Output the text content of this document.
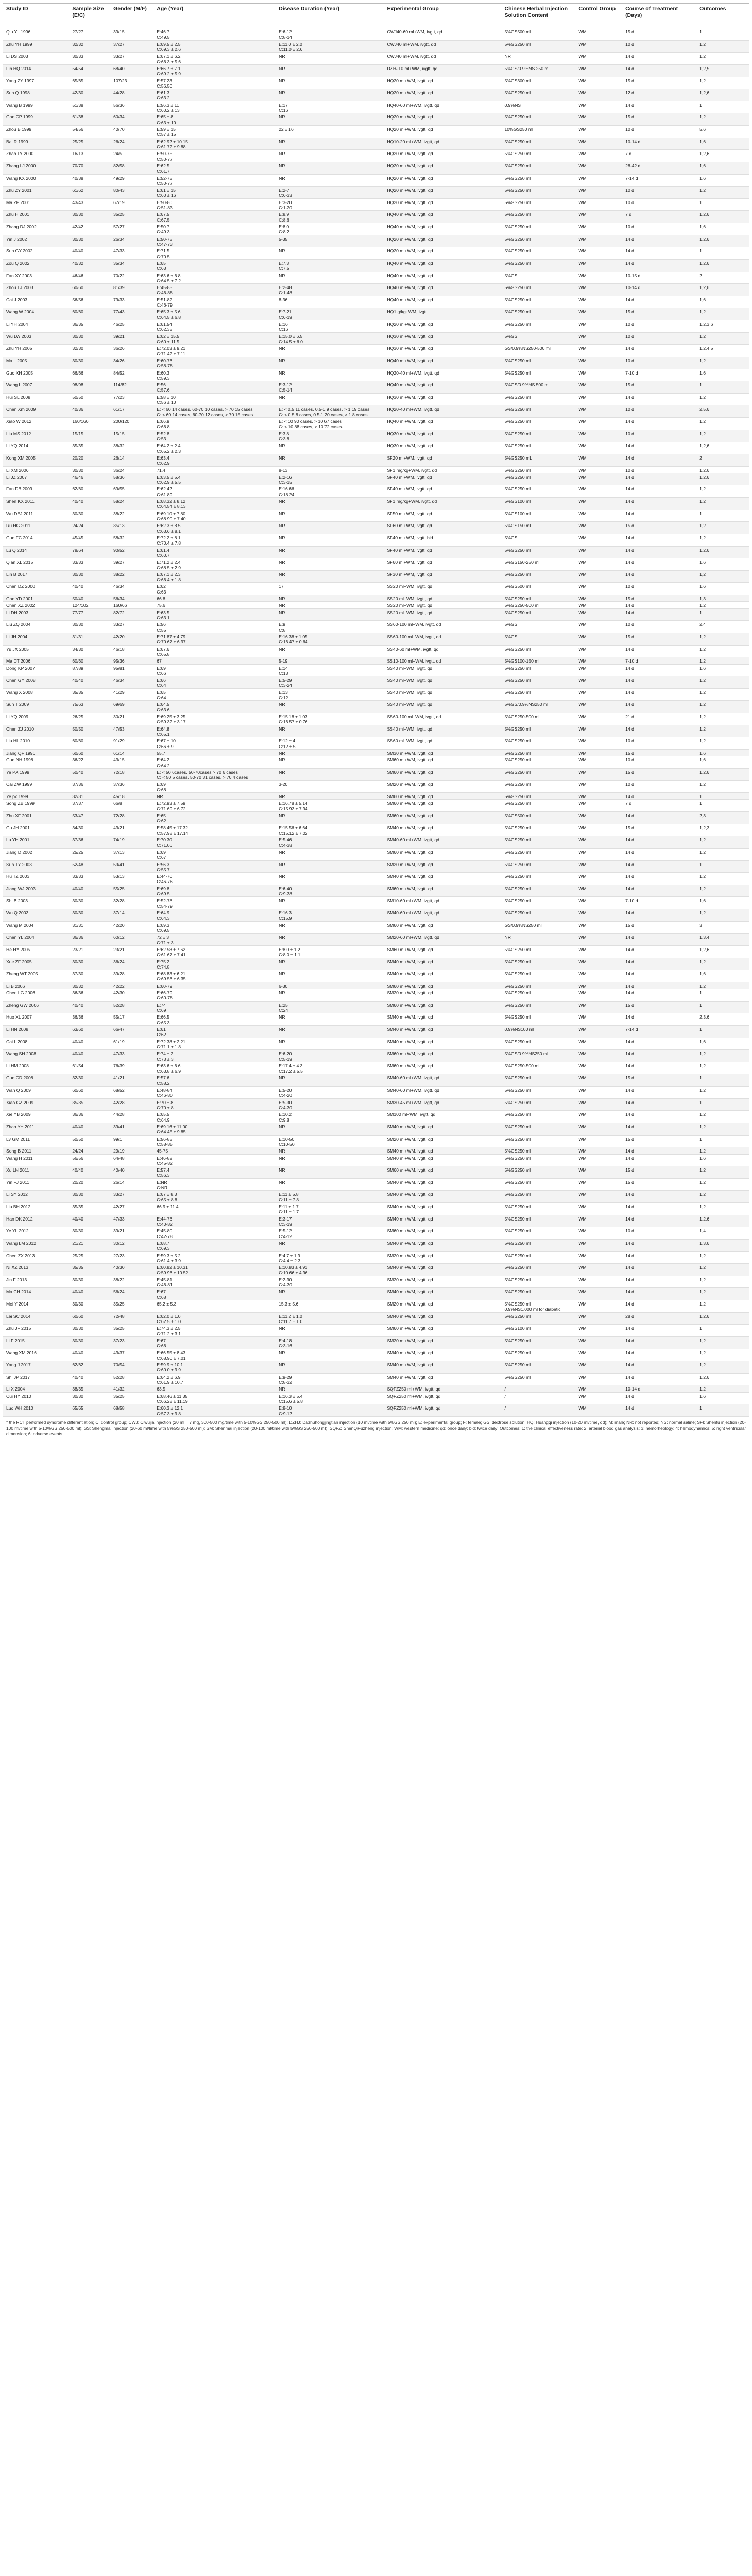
Study ID	Sample Size (E/C)	Gender (M/F)	Age (Year)	Disease Duration (Year)	Experimental Group	Chinese Herbal Injection Solution Content	Control Group	Course of Treatment (Days)	Outcomes
Qiu YL 1996	27/27	39/15	E:46.7
C:49.5	E:6-12
C:8-14	CWJ40-60 ml+WM, ivgtt, qd	5%GS500 ml	WM	15 d	1
Zhu YH 1999	32/32	37/27	E:69.5 ± 2.5
C:69.3 ± 2.6	E:11.0 ± 2.0
C:11.0 ± 2.6	CWJ40 ml+WM, ivgtt, qd	5%GS250 ml	WM	10 d	1,2
Li DS 2003	30/33	33/27	E:67.1 ± 6.2
C:66.3 ± 5.6	NR	CWJ40 ml+WM, ivgtt, qd	NR	WM	14 d	1,2
Lin HQ 2014	54/54	68/40	E:66.7 ± 7.1
C:69.2 ± 5.9	NR	DZHJ10 ml+WM, ivgtt, qd	5%GS/0.9%NS 250 ml	WM	14 d	1,2,5
Yang ZY 1997	65/65	107/23	E:57.23
C:56.50	NR	HQ20 ml+WM, ivgtt, qd	5%GS300 ml	WM	15 d	1,2
Sun Q 1998	42/30	44/28	E:61.3
C:63.2	NR	HQ20 ml+WM, ivgtt, qd	5%GS250 ml	WM	12 d	1,2,6
Wang B 1999	51/38	56/36	E:56.3 ± 11
C:60.2 ± 13	E:17
C:16	HQ40-60 ml+WM, ivgtt, qd	0.9%NS	WM	14 d	1
Gao CP 1999	61/38	60/34	E:65 ± 8
C:63 ± 10	NR	HQ20 ml+WM, ivgtt, qd	5%GS250 ml	WM	15 d	1,2
Zhou B 1999	54/56	40/70	E:59 ± 15
C:57 ± 15	22 ± 16	HQ20 ml+WM, ivgtt, qd	10%GS250 ml	WM	10 d	5,6
Bai R 1999	25/25	26/24	E:62.92 ± 10.15
C:61.72 ± 9.88	NR	HQ10-20 ml+WM, ivgtt, qd	5%GS250 ml	WM	10-14 d	1,6
Zhao LY 2000	16/13	24/5	E:50-75
C:50-77	NR	HQ20 ml+WM, ivgtt, qd	5%GS250 ml	WM	7 d	1,2,6
Zhang LJ 2000	70/70	82/58	E:62.5
C:61.7	NR	HQ20 ml+WM, ivgtt, qd	5%GS250 ml	WM	28-42 d	1,6
Wang KX 2000	40/38	49/29	E:52-75
C:50-77	NR	HQ20 ml+WM, ivgtt, qd	5%GS250 ml	WM	7-14 d	1,6
Zhu ZY 2001	61/62	80/43	E:61 ± 15
C:60 ± 16	E:2-7
C:6-33	HQ20 ml+WM, ivgtt, qd	5%GS250 ml	WM	10 d	1,2
Ma ZP 2001	43/43	67/19	E:50-80
C:51-83	E:3-20
C:1-20	HQ20 ml+WM, ivgtt, qd	5%GS250 ml	WM	10 d	1
Zhu H 2001	30/30	35/25	E:67.5
C:67.5	E:8.9
C:8.6	HQ40 ml+WM, ivgtt, qd	5%GS250 ml	WM	7 d	1,2,6
Zhang DJ 2002	42/42	57/27	E:50.7
C:49.3	E:8.0
C:8.2	HQ40 ml+WM, ivgtt, qd	5%GS250 ml	WM	10 d	1,6
Yin J 2002	30/30	26/34	E:50-75
C:47-73	5-35	HQ20 ml+WM, ivgtt, qd	5%GS250 ml	WM	14 d	1,2,6
Sun GY 2002	40/40	47/33	E:71.5
C:70.5	NR	HQ20 ml+WM, ivgtt, qd	5%GS250 ml	WM	14 d	1
Zou Q 2002	40/32	35/34	E:65
C:63	E:7.3
C:7.5	HQ40 ml+WM, ivgtt, qd	5%GS250 ml	WM	14 d	1,2,6
Fan XY 2003	46/46	70/22	E:63.6 ± 6.8
C:64.5 ± 7.2	NR	HQ40 ml+WM, ivgtt, qd	5%GS	WM	10-15 d	2
Zhou LJ 2003	60/60	81/39	E:45-85
C:46-88	E:2-48
C:1-48	HQ40 ml+WM, ivgtt, qd	5%GS250 ml	WM	10-14 d	1,2,6
Cai J 2003	56/56	79/33	E:51-82
C:46-79	8-36	HQ40 ml+WM, ivgtt, qd	5%GS250 ml	WM	14 d	1,6
Wang W 2004	60/60	77/43	E:65.3 ± 5.6
C:64.5 ± 6.8	E:7-21
C:6-19	HQ1 g/kg+WM, ivgtt	5%GS250 ml	WM	15 d	1,2
Li YH 2004	36/35	46/25	E:61.54
C:62.35	E:16
C:16	HQ20 ml+WM, ivgtt, qd	5%GS250 ml	WM	10 d	1,2,3,6
Wu LW 2003	30/30	39/21	E:62 ± 15.5
C:60 ± 11.5	E:15.0 ± 6.5
C:14.5 ± 6.0	HQ30 ml+WM, ivgtt, qd	5%GS	WM	10 d	1,2
Zhu YH 2005	32/30	36/26	E:72.03 ± 9.21
C:71.42 ± 7.11	NR	HQ30 ml+WM, ivgtt, qd	GS/0.9%NS250-500 ml	WM	14 d	1,2,4,5
Ma L 2005	30/30	34/26	E:60-76
C:58-78	NR	HQ40 ml+WM, ivgtt, qd	5%GS250 ml	WM	10 d	1,2
Guo XH 2005	66/66	84/52	E:60.3
C:59.3	NR	HQ20-40 ml+WM, ivgtt, qd	5%GS250 ml	WM	7-10 d	1,6
Wang L 2007	98/98	114/82	E:56
C:57.6	E:3-12
C:5-14	HQ40 ml+WM, ivgtt, qd	5%GS/0.9%NS 500 ml	WM	15 d	1
Hui SL 2008	50/50	77/23	E:58 ± 10
C:56 ± 10	NR	HQ30 ml+WM, ivgtt, qd	5%GS250 ml	WM	14 d	1,2
Chen Xm 2009	40/36	61/17	E: < 60 14 cases, 60-70 10 cases, > 70 15 cases
C: < 60 14 cases, 60-70 12 cases, > 70 15 cases	E: < 0.5 11 cases, 0.5-1 9 cases, > 1 19 cases
C: < 0.5 8 cases, 0.5-1 20 cases, > 1 8 cases	HQ20-40 ml+WM, ivgtt, qd	5%GS250 ml	WM	10 d	2,5,6
Xiao W 2012	160/160	200/120	E:66.9
C:66.8	E: < 10 90 cases, > 10 67 cases
C: < 10 88 cases, > 10 72 cases	HQ40 ml+WM, ivgtt, qd	5%GS250 ml	WM	14 d	1,2
Liu MS 2012	15/15	15/15	E:52.8
C:53	E:3.8
C:3.8	HQ30 ml+WM, ivgtt, qd	5%GS250 ml	WM	10 d	1,2
Li YQ 2014	35/35	38/32	E:64.2 ± 2.4
C:65.2 ± 2.3	NR	HQ30 ml+WM, ivgtt, qd	5%GS250 ml	WM	14 d	1,2,6
Kong XM 2005	20/20	26/14	E:63.4
C:62.9	NR	SF20 ml+WM, ivgtt, qd	5%GS250 mL	WM	14 d	2
Li XM 2006	30/30	36/24	71.4	8-13	SF1 mg/kg+WM, ivgtt, qd	5%GS250 ml	WM	10 d	1,2,6
Li JZ 2007	46/46	58/36	E:63.5 ± 5.4
C:62.9 ± 5.5	E:2-16
C:3-15	SF40 ml+WM, ivgtt, qd	5%GS250 ml	WM	14 d	1,2,6
Fan DB 2009	62/60	69/55	E:62.42
C:61.89	E:16.66
C:18.24	SF40 ml+WM, ivgtt, qd	5%GS250 ml	WM	14 d	1,2
Shen KX 2011	40/40	58/24	E:68.32 ± 8.12
C:64.54 ± 8.13	NR	SF1 mg/kg+WM, ivgtt, qd	5%GS100 ml	WM	14 d	1,2
Wu DEJ 2011	30/30	38/22	E:69.10 ± 7.80
C:68.90 ± 7.40	NR	SF50 ml+WM, ivgtt, qd	5%GS100 ml	WM	14 d	1
Ru HG 2011	24/24	35/13	E:62.3 ± 8.5
C:63.6 ± 8.1	NR	SF60 ml+WM, ivgtt, qd	5%GS150 mL	WM	15 d	1,2
Guo FC 2014	45/45	58/32	E:72.2 ± 8.1
C:70.4 ± 7.8	NR	SF40 ml+WM, ivgtt, bid	5%GS	WM	14 d	1,2
Lu Q 2014	78/64	90/52	E:61.4
C:60.7	NR	SF40 ml+WM, ivgtt, qd	5%GS250 ml	WM	14 d	1,2,6
Qian XL 2015	33/33	39/27	E:71.2 ± 2.4
C:68.5 ± 2.9	NR	SF60 ml+WM, ivgtt, qd	5%GS150-250 ml	WM	14 d	1,6
Lin B 2017	30/30	38/22	E:67.1 ± 2.3
C:66.4 ± 1.8	NR	SF30 ml+WM, ivgtt, qd	5%GS250 ml	WM	14 d	1,2
Chen DZ 2000	40/40	46/34	E:62
C:63	17	SS20 ml+WM, ivgtt, qd	5%GS500 ml	WM	10 d	1,6
Gao YD 2001	50/40	56/34	66.8	NR	SS20 ml+WM, ivgtt, qd	5%GS250 ml	WM	15 d	1,3
Chen XZ 2002	124/102	160/66	75.6	NR	SS20 ml+WM, ivgtt, qd	5%GS250-500 ml	WM	14 d	1,2
Li DH 2003	77/77	82/72	E:63.5
C:63.1	NR	SS20 ml+WM, ivgtt, qd	5%GS250 ml	WM	14 d	1
Liu ZQ 2004	30/30	33/27	E:56
C:55	E:9
C:8	SS60-100 ml+WM, ivgtt, qd	5%GS	WM	10 d	2,4
Li JH 2004	31/31	42/20	E:71.87 ± 4.79
C:70.67 ± 6.97	E:16.38 ± 1.05
C:16.47 ± 0.64	SS60-100 ml+WM, ivgtt, qd	5%GS	WM	15 d	1,2
Yu JX 2005	34/30	46/18	E:67.6
C:65.8	NR	SS40-60 ml+WM, ivgtt, qd	5%GS250 ml	WM	14 d	1,2
Ma DT 2006	60/60	95/36	67	5-19	SS10-100 ml+WM, ivgtt, qd	5%GS100-150 ml	WM	7-10 d	1,2
Dong KP 2007	87/89	95/81	E:69
C:66	E:14
C:13	SS40 ml+WM, ivgtt, qd	5%GS250 ml	WM	14 d	1,6
Chen GY 2008	40/40	46/34	E:66
C:64	E:5-29
C:3-24	SS40 ml+WM, ivgtt, qd	5%GS250 ml	WM	14 d	1,2
Wang X 2008	35/35	41/29	E:65
C:64	E:13
C:12	SS40 ml+WM, ivgtt, qd	5%GS250 ml	WM	14 d	1,2
Sun T 2009	75/63	69/69	E:64.5
C:63.6	NR	SS40 ml+WM, ivgtt, qd	5%GS/0.9%NS250 ml	WM	14 d	1,2
Li YQ 2009	26/25	30/21	E:69.25 ± 3.25
C:59.32 ± 3.17	E:15.18 ± 1.03
C:16.57 ± 0.76	SS60-100 ml+WM, ivgtt, qd	5%GS250-500 ml	WM	21 d	1,2
Chen ZJ 2010	50/50	47/53	E:64.8
C:65.1	NR	SS40 ml+WM, ivgtt, qd	5%GS250 ml	WM	14 d	1,2
Liu HL 2010	60/60	91/29	E:67 ± 10
C:66 ± 9	E:12 ± 4
C:12 ± 5	SS60 ml+WM, ivgtt, qd	5%GS250 ml	WM	10 d	1,2
Jiang QF 1996	60/60	61/14	55.7	NR	SM30 ml+WM, ivgtt, qd	5%GS250 ml	WM	15 d	1,6
Guo NH 1998	36/22	43/15	E:64.2
C:64.2	NR	SM60 ml+WM, ivgtt, qd	5%GS250 ml	WM	10 d	1,6
Ye PX 1999	50/40	72/18	E: < 50 6cases, 50-70cases > 70 6 cases
C: < 50 5 cases, 50-70 31 cases, > 70 4 cases	NR	SM60 ml+WM, ivgtt, qd	5%GS250 ml	WM	15 d	1,2,6
Cai ZW 1999	37/36	37/36	E:69
C:68	3-20	SM20 ml+WM, ivgtt, qd	5%GS250 ml	WM	10 d	1,2
Ye px 1999	32/31	45/18	NR	NR	SM60 ml+WM, ivgtt, qd	5%GS250 ml	WM	14 d	1
Song ZB 1999	37/37	66/8	E:72.93 ± 7.59
C:71.69 ± 6.72	E:16.78 ± 5.14
C:15.93 ± 7.94	SM60 ml+WM, ivgtt, qd	5%GS250 ml	WM	7 d	1
Zhu XF 2001	53/47	72/28	E:65
C:62	NR	SM60 ml+WM, ivgtt, qd	5%GS500 ml	WM	14 d	2,3
Gu JH 2001	34/30	43/21	E:58.45 ± 17.32
C:57.98 ± 17.14	E:15.56 ± 6.64
C:15.12 ± 7.02	SM40 ml+WM, ivgtt, qd	5%GS250 ml	WM	15 d	1,2,3
Lu YH 2001	37/36	74/19	E:70.30
C:71.06	E:5-46
C:4-38	SM40-60 ml+WM, ivgtt, qd	5%GS250 ml	WM	14 d	1,2
Jiang D 2002	25/25	37/13	E:69
C:67	NR	SM60 ml+WM, ivgtt, qd	5%GS250 ml	WM	14 d	1,2
Sun TY 2003	52/48	59/41	E:56.3
C:55.7	NR	SM20 ml+WM, ivgtt, qd	5%GS250 ml	WM	14 d	1
Hu TZ 2003	33/33	53/13	E:44-70
C:46-76	NR	SM40 ml+WM, ivgtt, qd	5%GS250 ml	WM	14 d	1,2
Jiang WJ 2003	40/40	55/25	E:69.8
C:69.5	E:6-40
C:9-38	SM60 ml+WM, ivgtt, qd	5%GS250 ml	WM	14 d	1,2
Shi B 2003	30/30	32/28	E:52-78
C:54-79	NR	SM10-60 ml+WM, ivgtt, qd	5%GS250 ml	WM	7-10 d	1,6
Wu Q 2003	30/30	37/14	E:64.9
C:64.3	E:16.3
C:15.9	SM40-60 ml+WM, ivgtt, qd	5%GS250 ml	WM	14 d	1,2
Wang M 2004	31/31	42/20	E:69.3
C:69.5	NR	SM60 ml+WM, ivgtt, qd	GS/0.9%NS250 ml	WM	15 d	3
Chen YL 2004	36/36	60/12	72 ± 3
C:71 ± 3	NR	SM20-60 ml+WM, ivgtt, qd	NR	WM	14 d	1,3,4
He HY 2005	23/21	23/21	E:62.58 ± 7.62
C:61.67 ± 7.41	E:8.0 ± 1.2
C:8.0 ± 1.1	SM60 ml+WM, ivgtt, qd	5%GS250 ml	WM	14 d	1,2,6
Xue ZF 2005	30/30	36/24	E:75.2
C:74.8	NR	SM40 ml+WM, ivgtt, qd	5%GS250 ml	WM	14 d	1,2
Zheng WT 2005	37/30	39/28	E:68.83 ± 6.21
C:69.56 ± 6.35	NR	SM40 ml+WM, ivgtt, qd	5%GS250 ml	WM	14 d	1,6
Li B 2006	30/32	42/22	E:60-79	6-30	SM60 ml+WM, ivgtt, qd	5%GS250 ml	WM	14 d	1,2
Chen LG 2006	36/36	42/30	E:66-79
C:60-78	NR	SM20 ml+WM, ivgtt, qd	5%GS250 ml	WM	14 d	1
Zheng GW 2006	40/40	52/28	E:74
C:69	E:25
C:24	SM60 ml+WM, ivgtt, qd	5%GS250 ml	WM	15 d	1
Huo XL 2007	36/36	55/17	E:66.5
C:65.3	NR	SM40 ml+WM, ivgtt, qd	5%GS250 ml	WM	14 d	2,3,6
Li HN 2008	63/60	66/47	E:61
C:62	NR	SM40 ml+WM, ivgtt, qd	0.9%NS100 ml	WM	7-14 d	1
Cai L 2008	40/40	61/19	E:72.38 ± 2.21
C:71.1 ± 1.8	NR	SM40 ml+WM, ivgtt, qd	5%GS250 ml	WM	14 d	1,6
Wang SH 2008	40/40	47/33	E:74 ± 2
C:73 ± 3	E:6-20
C:5-19	SM60 ml+WM, ivgtt, qd	5%GS/0.9%NS250 ml	WM	14 d	1,2
Li HM 2008	61/54	76/39	E:63.6 ± 6.6
C:63.8 ± 6.9	E:17.4 ± 4.3
C:17.2 ± 5.5	SM60 ml+WM, ivgtt, qd	5%GS250-500 ml	WM	14 d	1,2
Guo CD 2008	32/30	41/21	E:57.6
C:58.2	NR	SM40-60 ml+WM, ivgtt, qd	5%GS250 ml	WM	15 d	1
Wan Q 2009	60/60	68/52	E:48-84
C:46-80	E:5-20
C:4-20	SM40-60 ml+WM, ivgtt, qd	5%GS250 ml	WM	14 d	1,2
Xiao GZ 2009	35/35	42/28	E:70 ± 8
C:70 ± 8	E:5-30
C:4-30	SM30-45 ml+WM, ivgtt, qd	5%GS250 ml	WM	14 d	1
Xie YB 2009	36/36	44/28	E:65.5
C:64.9	E:10.2
C:9.8	SM100 ml+WM, ivgtt, qd	5%GS250 ml	WM	14 d	1,2
Zhao YH 2011	40/40	39/41	E:69.16 ± 11.00
C:64.45 ± 9.85	NR	SM40 ml+WM, ivgtt, qd	5%GS250 ml	WM	14 d	1,2
Lv GM 2011	50/50	99/1	E:56-85
C:58-85	E:10-50
C:10-50	SM20 ml+WM, ivgtt, qd	5%GS250 ml	WM	15 d	1
Song B 2011	24/24	29/19	45-75	NR	SM40 ml+WM, ivgtt, qd	5%GS250 ml	WM	14 d	1,2
Wang H 2011	56/56	64/48	E:46-82
C:45-82	NR	SM40 ml+WM, ivgtt, qd	5%GS250 ml	WM	14 d	1,6
Xu LN 2011	40/40	40/40	E:57.4
C:56.3	NR	SM60 ml+WM, ivgtt, qd	5%GS250 ml	WM	15 d	1,2
Yin FJ 2011	20/20	26/14	E:NR
C:NR	NR	SM40 ml+WM, ivgtt, qd	5%GS250 ml	WM	15 d	1,2
Li SY 2012	30/30	33/27	E:67 ± 8.3
C:65 ± 8.8	E:11 ± 5.8
C:11 ± 7.8	SM40 ml+WM, ivgtt, qd	5%GS250 ml	WM	14 d	1,2
Liu BH 2012	35/35	42/27	66.9 ± 11.4	E:11 ± 1.7
C:11 ± 1.7	SM40 ml+WM, ivgtt, qd	5%GS250 ml	WM	14 d	1,2
Han DK 2012	40/40	47/33	E:44-76
C:40-82	E:3-17
C:3-19	SM40 ml+WM, ivgtt, qd	5%GS250 ml	WM	14 d	1,2,6
Ye YL 2012	30/30	39/21	E:45-80
C:42-78	E:5-12
C:4-12	SM60 ml+WM, ivgtt, qd	5%GS250 ml	WM	10 d	1,4
Wang LM 2012	21/21	30/12	E:68.7
C:69.3	NR	SM40 ml+WM, ivgtt, qd	5%GS250 ml	WM	14 d	1,3,6
Chen ZX 2013	25/25	27/23	E:59.3 ± 5.2
C:61.4 ± 3.9	E:4.7 ± 1.9
C:4.4 ± 2.3	SM20 ml+WM, ivgtt, qd	5%GS250 ml	WM	14 d	1,2
Ni XZ 2013	35/35	40/30	E:60.82 ± 10.31
C:59.96 ± 10.52	E:10.83 ± 4.91
C:10.66 ± 4.96	SM40 ml+WM, ivgtt, qd	5%GS250 ml	WM	14 d	1,2
Jin F 2013	30/30	38/22	E:45-81
C:46-81	E:2-30
C:4-30	SM20 ml+WM, ivgtt, qd	5%GS250 ml	WM	14 d	1,2
Ma CH 2014	40/40	56/24	E:67
C:68	NR	SM40 ml+WM, ivgtt, qd	5%GS250 ml	WM	14 d	1,2
Mei Y 2014	30/30	35/25	65.2 ± 5.3	15.3 ± 5.6	SM20 ml+WM, ivgtt, qd	5%GS250 ml
0.9%NS1,000 ml for diabetic	WM	14 d	1,2
Lei SC 2014	60/60	72/48	E:62.0 ± 1.0
C:62.5 ± 1.0	E:11.2 ± 1.0
C:11.7 ± 1.0	SM40 ml+WM, ivgtt, qd	5%GS250 ml	WM	28 d	1,2,6
Zhu JF 2015	30/30	35/25	E:74.3 ± 2.5
C:71.2 ± 3.1	NR	SM60 ml+WM, ivgtt, qd	5%GS100 ml	WM	14 d	1
Li F 2015	30/30	37/23	E:67
C:66	E:4-18
C:3-16	SM20 ml+WM, ivgtt, qd	5%GS250 ml	WM	14 d	1,2
Wang XM 2016	40/40	43/37	E:66.55 ± 8.43
C:68.90 ± 7.01	NR	SM40 ml+WM, ivgtt, qd	5%GS250 ml	WM	14 d	1,2
Yang J 2017	62/62	70/54	E:59.9 ± 10.1
C:60.0 ± 9.9	NR	SM40 ml+WM, ivgtt, qd	5%GS250 ml	WM	14 d	1,2
Shi JP 2017	40/40	52/28	E:64.2 ± 6.9
C:61.9 ± 10.7	E:9-29
C:8-32	SM40 ml+WM, ivgtt, qd	5%GS250 ml	WM	14 d	1,2,6
Li X 2004	38/35	41/32	63.5	NR	SQFZ250 ml+WM, ivgtt, qd	/	WM	10-14 d	1,2
Cui HY 2010	30/30	35/25	E:68.46 ± 11.35
C:66.28 ± 11.19	E:16.3 ± 5.4
C:15.6 ± 5.8	SQFZ250 ml+WM, ivgtt, qd	/	WM	14 d	1,6
Luo WH 2010	65/65	68/58	E:60.3 ± 12.1
C:57.3 ± 9.8	E:8-10
C:9-12	SQFZ250 ml+WM, ivgtt, qd	/	WM	14 d	1
* the RCT performed syndrome differentiation; C: control group; CWJ: Ciwujia injection (20 ml = 7 mg, 300-500 mg/time with 5-10%GS 250-500 ml); DZHJ: Dazhuhongjingtian injection (10 ml/time with 5%GS 250 ml); E: experimental group; F: female; GS: dextrose solution; HQ: Huangqi injection (10-20 ml/time, qd); M: male; NR: not reported; NS: normal saline; SFI: Shenfu injection (20-100 ml/time with 5-10%GS 250-500 ml); SS: Shengmai injection (20-60 ml/time with 5%GS 250-500 ml); SM: Shenmai injection (20-100 ml/time with 5%GS 250-500 ml); SQFZ: ShenQiFuzheng injection; WM: western medicine; qd: once daily; bid: twice daily; Outcomes: 1: the clinical effectiveness rate; 2: arterial blood gas analysis; 3: hemorheology; 4: hemodynamics; 5: right ventricular dimension; 6: adverse events.
